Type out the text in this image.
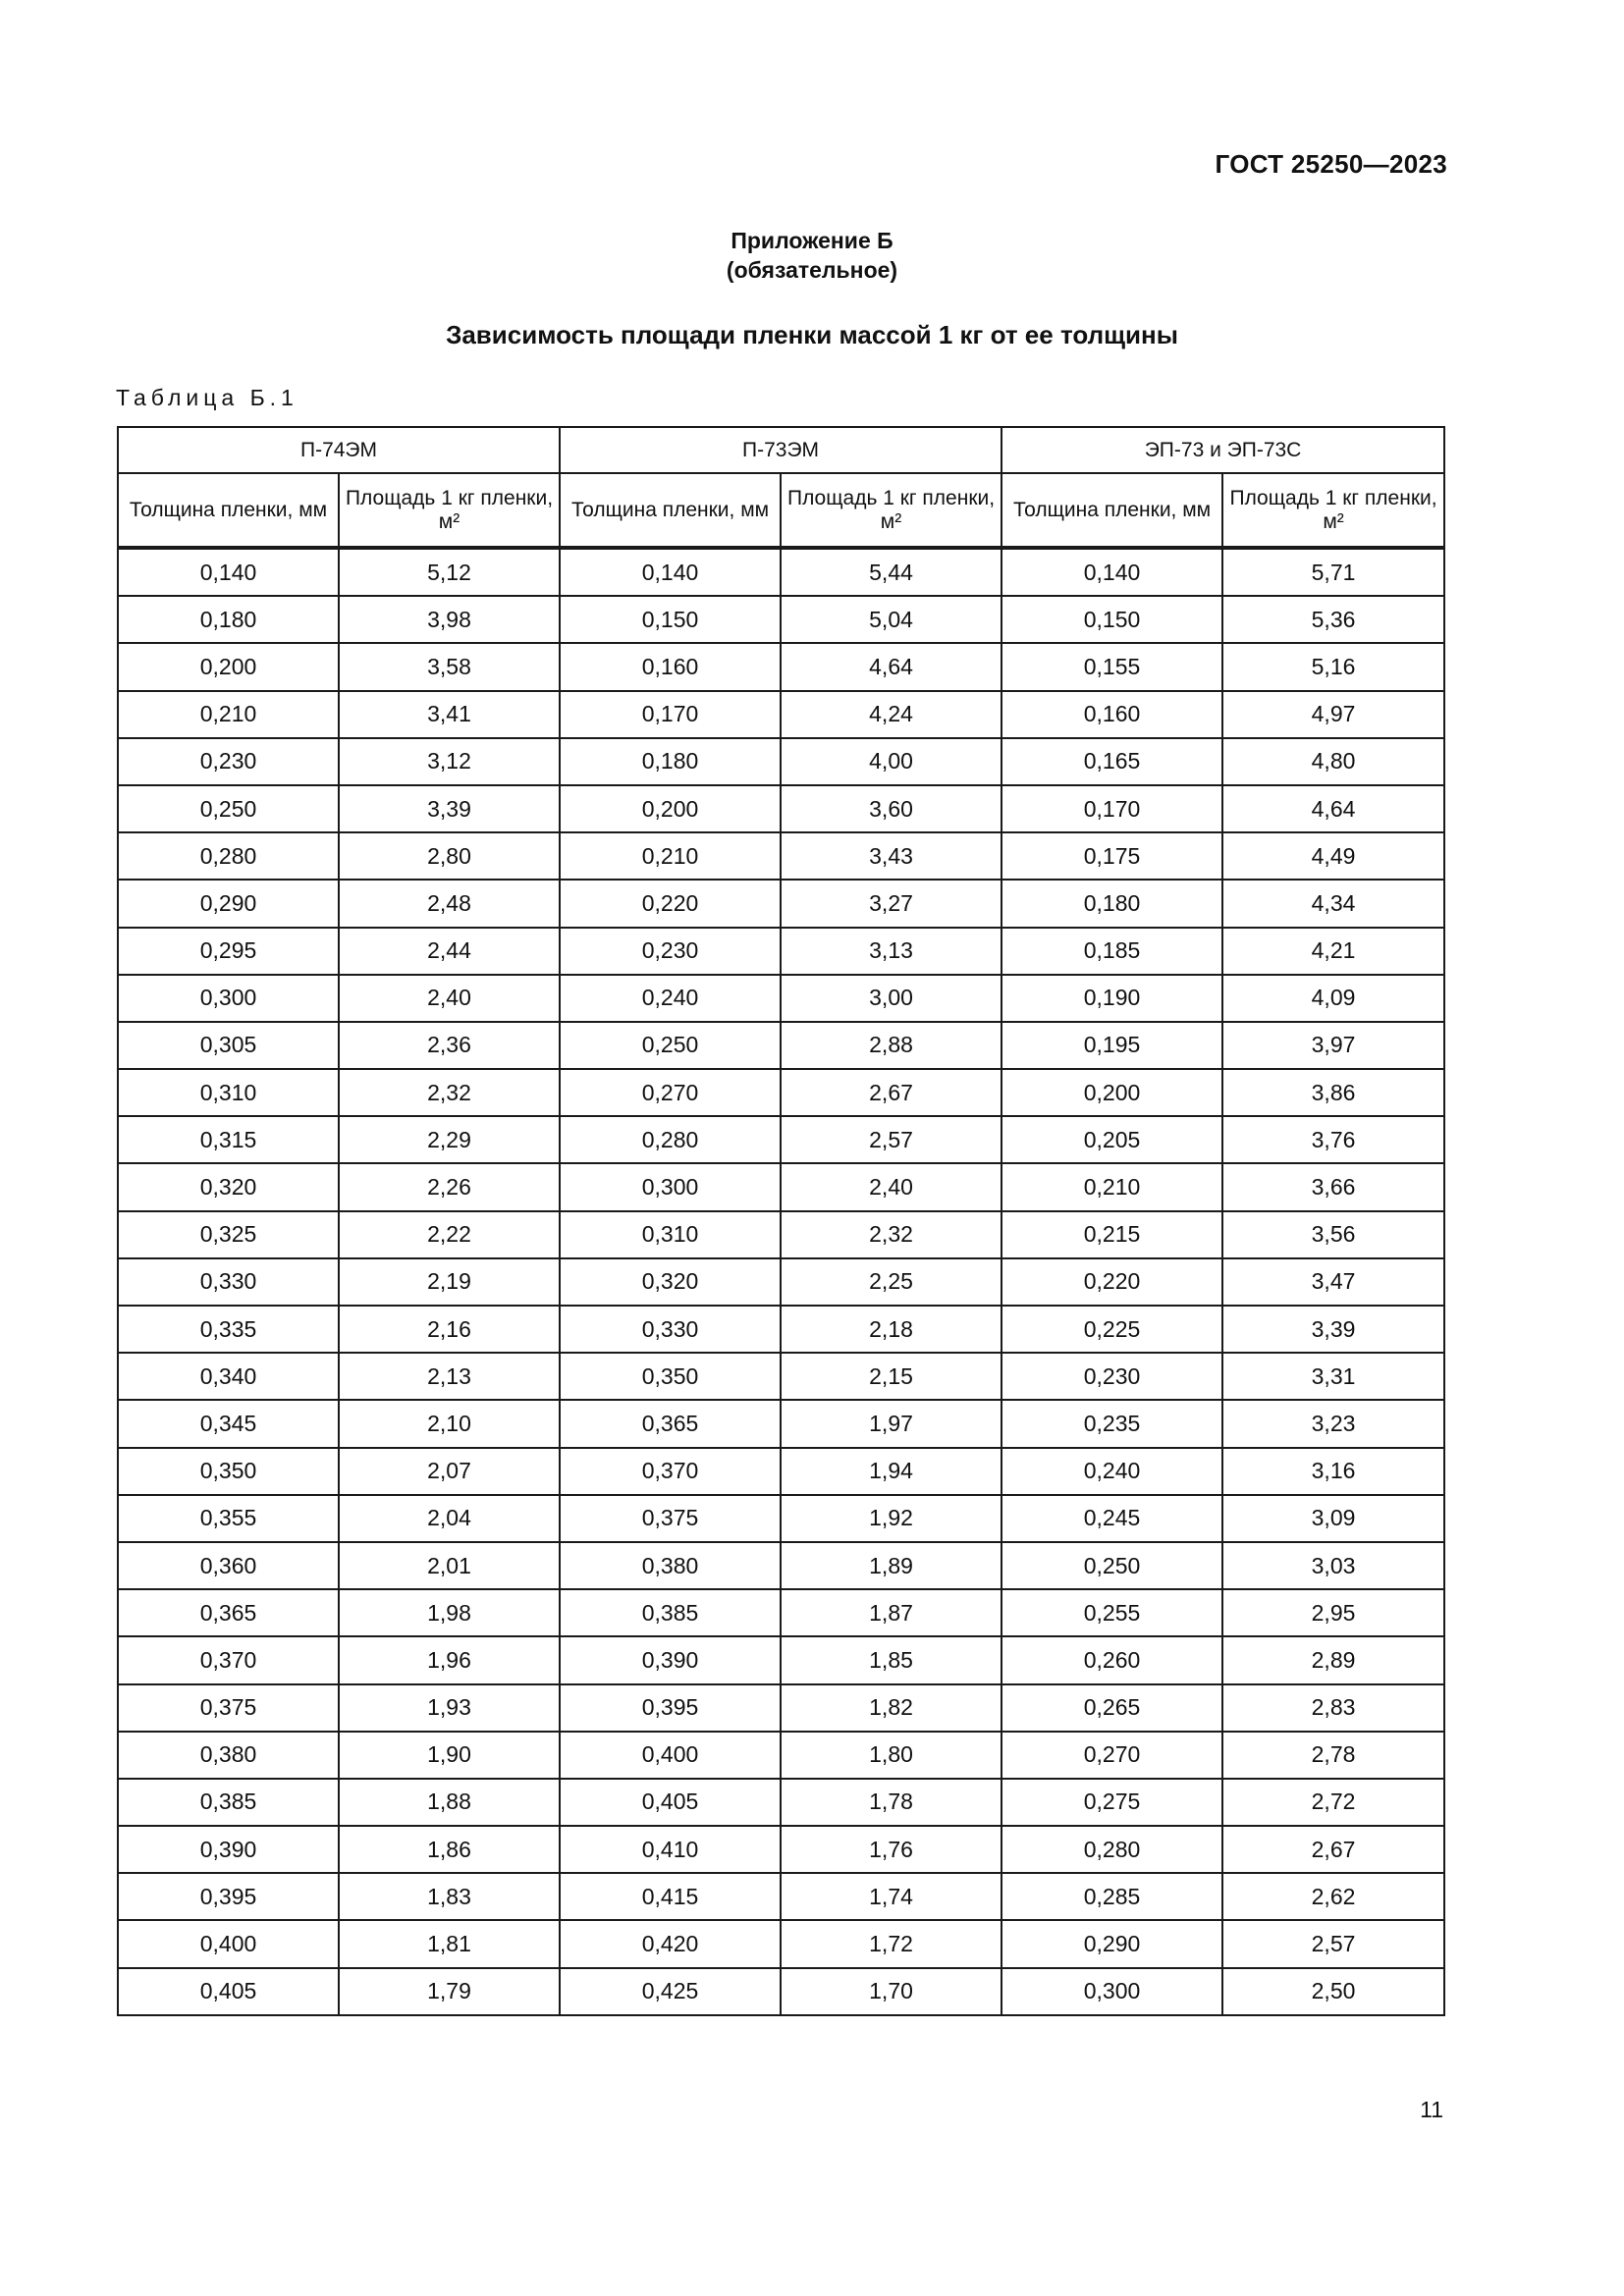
ГОСТ 25250—2023
Приложение Б
(обязательное)
Зависимость площади пленки массой 1 кг от ее толщины
Таблица Б.1
П-74ЭМ		П-73ЭМ		ЭП-73 и ЭП-73С	
Толщина пленки, мм	Площадь 1 кг пленки, м²	Толщина пленки, мм	Площадь 1 кг пленки, м²	Толщина пленки, мм	Площадь 1 кг пленки, м²
0,140	5,12	0,140	5,44	0,140	5,71
0,180	3,98	0,150	5,04	0,150	5,36
0,200	3,58	0,160	4,64	0,155	5,16
0,210	3,41	0,170	4,24	0,160	4,97
0,230	3,12	0,180	4,00	0,165	4,80
0,250	3,39	0,200	3,60	0,170	4,64
0,280	2,80	0,210	3,43	0,175	4,49
0,290	2,48	0,220	3,27	0,180	4,34
0,295	2,44	0,230	3,13	0,185	4,21
0,300	2,40	0,240	3,00	0,190	4,09
0,305	2,36	0,250	2,88	0,195	3,97
0,310	2,32	0,270	2,67	0,200	3,86
0,315	2,29	0,280	2,57	0,205	3,76
0,320	2,26	0,300	2,40	0,210	3,66
0,325	2,22	0,310	2,32	0,215	3,56
0,330	2,19	0,320	2,25	0,220	3,47
0,335	2,16	0,330	2,18	0,225	3,39
0,340	2,13	0,350	2,15	0,230	3,31
0,345	2,10	0,365	1,97	0,235	3,23
0,350	2,07	0,370	1,94	0,240	3,16
0,355	2,04	0,375	1,92	0,245	3,09
0,360	2,01	0,380	1,89	0,250	3,03
0,365	1,98	0,385	1,87	0,255	2,95
0,370	1,96	0,390	1,85	0,260	2,89
0,375	1,93	0,395	1,82	0,265	2,83
0,380	1,90	0,400	1,80	0,270	2,78
0,385	1,88	0,405	1,78	0,275	2,72
0,390	1,86	0,410	1,76	0,280	2,67
0,395	1,83	0,415	1,74	0,285	2,62
0,400	1,81	0,420	1,72	0,290	2,57
0,405	1,79	0,425	1,70	0,300	2,50
11
